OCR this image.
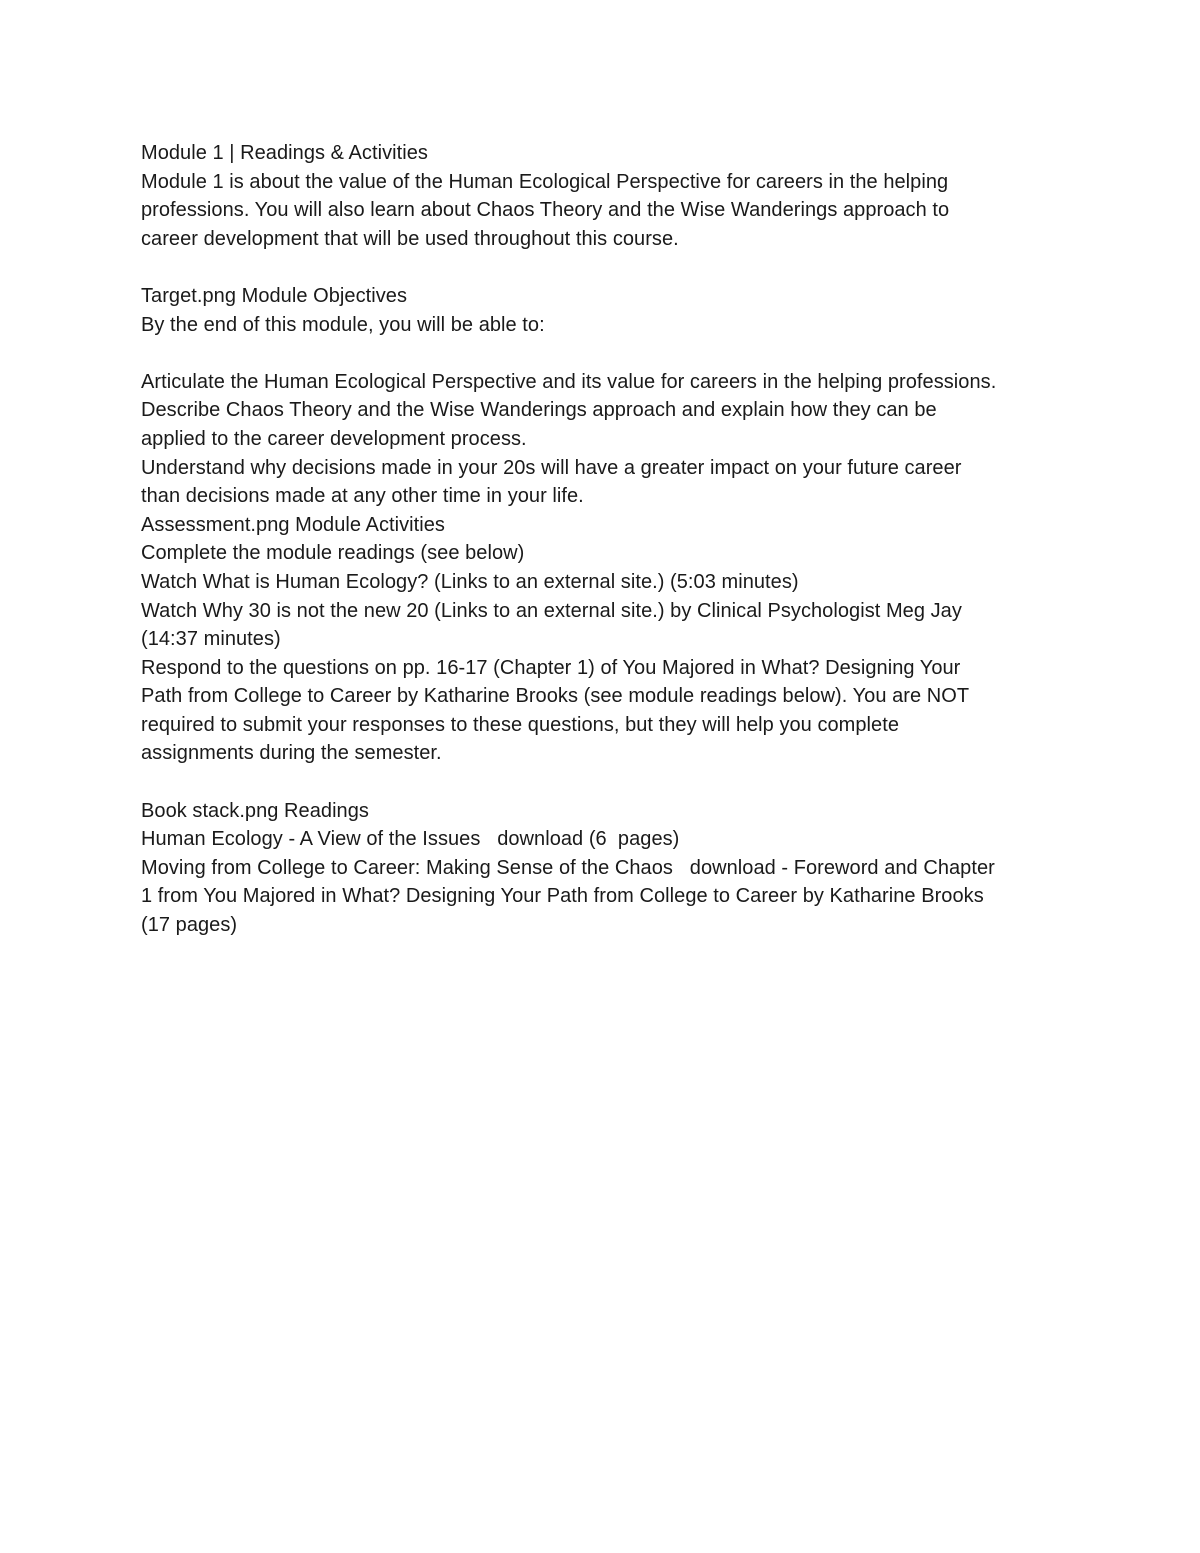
Module 1 | Readings & Activities
Module 1 is about the value of the Human Ecological Perspective for careers in the helping
professions. You will also learn about Chaos Theory and the Wise Wanderings approach to
career development that will be used throughout this course.
Target.png Module Objectives
By the end of this module, you will be able to:
Articulate the Human Ecological Perspective and its value for careers in the helping professions.
Describe Chaos Theory and the Wise Wanderings approach and explain how they can be
applied to the career development process.
Understand why decisions made in your 20s will have a greater impact on your future career
than decisions made at any other time in your life.
Assessment.png Module Activities
Complete the module readings (see below)
Watch What is Human Ecology? (Links to an external site.) (5:03 minutes)
Watch Why 30 is not the new 20 (Links to an external site.) by Clinical Psychologist Meg Jay
(14:37 minutes)
Respond to the questions on pp. 16-17 (Chapter 1) of You Majored in What? Designing Your
Path from College to Career by Katharine Brooks (see module readings below). You are NOT
required to submit your responses to these questions, but they will help you complete
assignments during the semester.
Book stack.png Readings
Human Ecology - A View of the Issues   download (6  pages)
Moving from College to Career: Making Sense of the Chaos   download - Foreword and Chapter
1 from You Majored in What? Designing Your Path from College to Career by Katharine Brooks
(17 pages)
